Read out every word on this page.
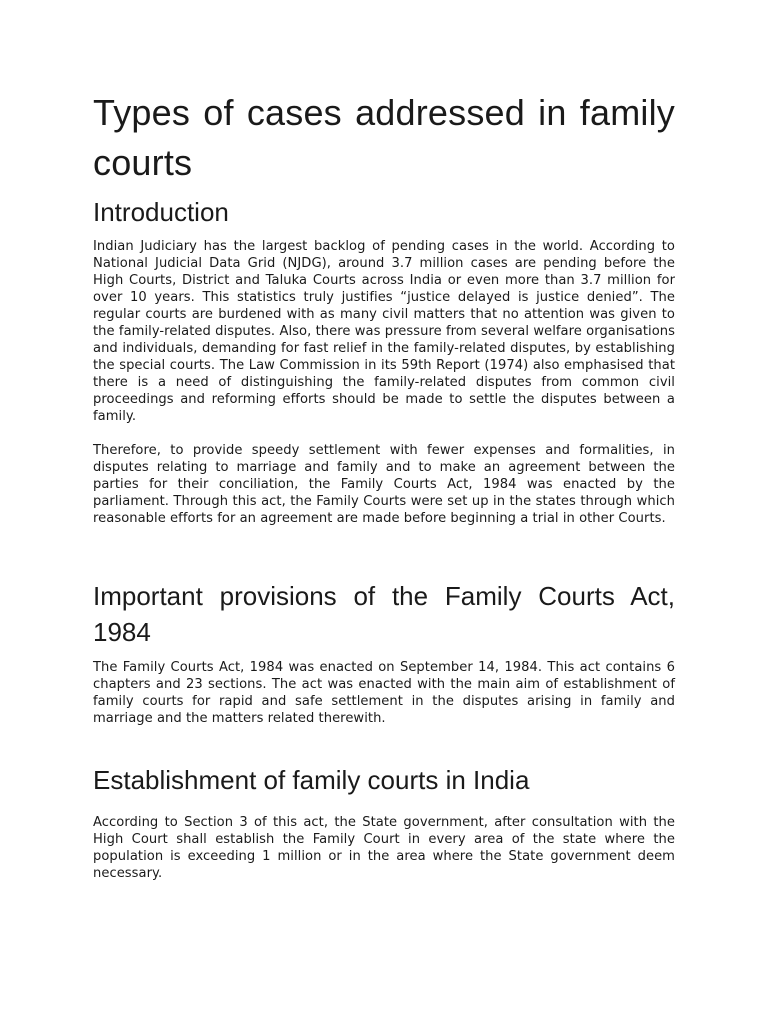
Types of cases addressed in family courts
Introduction

Indian Judiciary has the largest backlog of pending cases in the world. According to National Judicial Data Grid (NJDG), around 3.7 million cases are pending before the High Courts, District and Taluka Courts across India or even more than 3.7 million for over 10 years. This statistics truly justifies “justice delayed is justice denied”. The regular courts are burdened with as many civil matters that no attention was given to the family-related disputes. Also, there was pressure from several welfare organisations and individuals, demanding for fast relief in the family-related disputes, by establishing the special courts. The Law Commission in its 59th Report (1974) also emphasised that there is a need of distinguishing the family-related disputes from common civil proceedings and reforming efforts should be made to settle the disputes between a family.

Therefore, to provide speedy settlement with fewer expenses and formalities, in disputes relating to marriage and family and to make an agreement between the parties for their conciliation, the Family Courts Act, 1984 was enacted by the parliament. Through this act, the Family Courts were set up in the states through which reasonable efforts for an agreement are made before beginning a trial in other Courts.

Important provisions of the Family Courts Act, 1984

The Family Courts Act, 1984 was enacted on September 14, 1984. This act contains 6 chapters and 23 sections. The act was enacted with the main aim of establishment of family courts for rapid and safe settlement in the disputes arising in family and marriage and the matters related therewith.

Establishment of family courts in India

According to Section 3 of this act, the State government, after consultation with the High Court shall establish the Family Court in every area of the state where the population is exceeding 1 million or in the area where the State government deem necessary.
